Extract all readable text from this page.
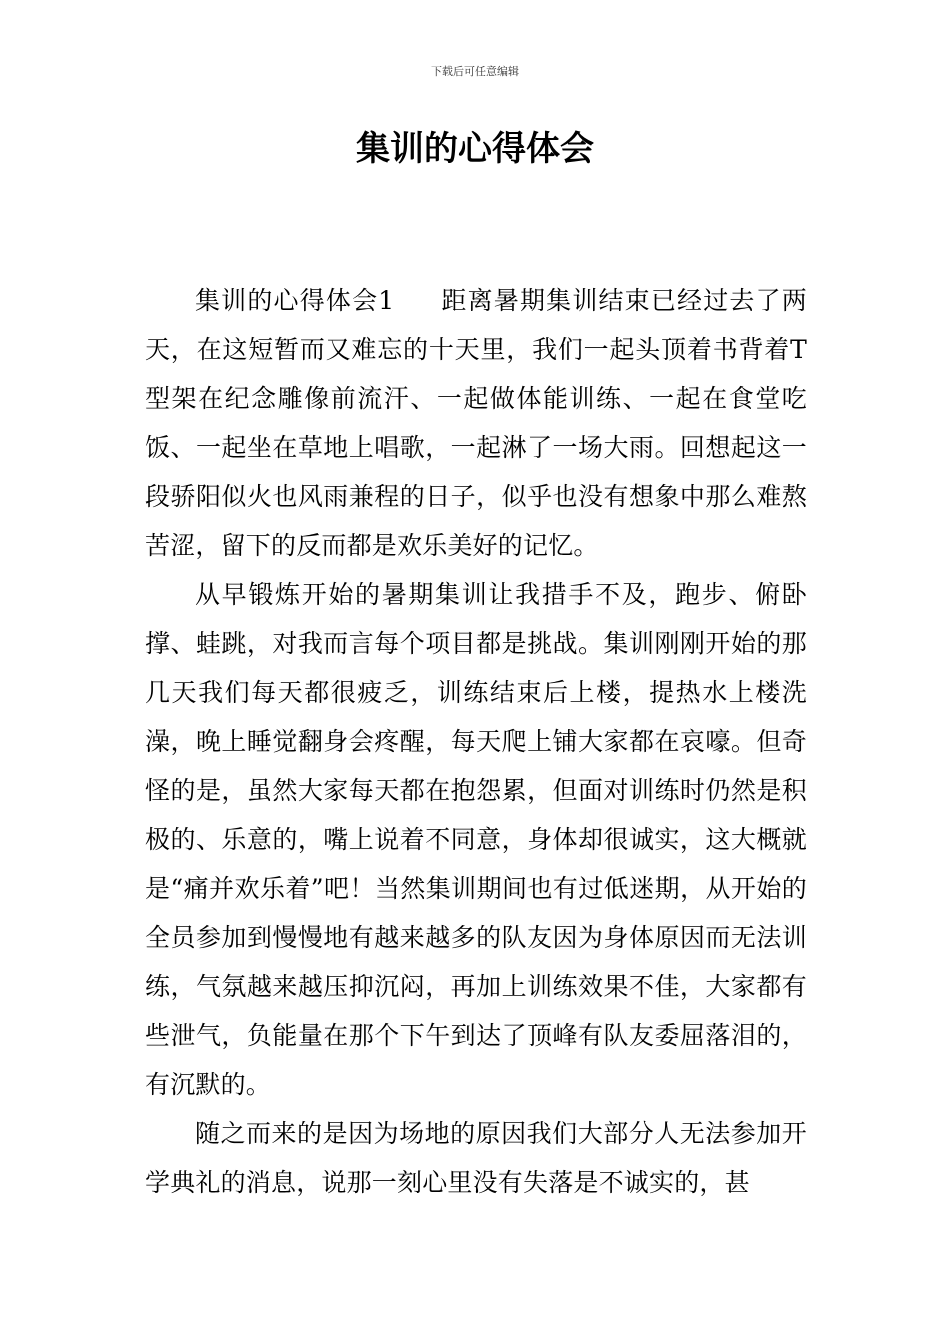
下载后可任意编辑
集训的心得体会

集训的心得体会1 距离暑期集训结束已经过去了两天，在这短暂而又难忘的十天里，我们一起头顶着书背着T型架在纪念雕像前流汗、一起做体能训练、一起在食堂吃饭、一起坐在草地上唱歌，一起淋了一场大雨。回想起这一段骄阳似火也风雨兼程的日子，似乎也没有想象中那么难熬苦涩，留下的反而都是欢乐美好的记忆。

从早锻炼开始的暑期集训让我措手不及，跑步、俯卧撑、蛙跳，对我而言每个项目都是挑战。集训刚刚开始的那几天我们每天都很疲乏，训练结束后上楼，提热水上楼洗澡，晚上睡觉翻身会疼醒，每天爬上铺大家都在哀嚎。但奇怪的是，虽然大家每天都在抱怨累，但面对训练时仍然是积极的、乐意的，嘴上说着不同意，身体却很诚实，这大概就是“痛并欢乐着”吧！当然集训期间也有过低迷期，从开始的全员参加到慢慢地有越来越多的队友因为身体原因而无法训练，气氛越来越压抑沉闷，再加上训练效果不佳，大家都有些泄气，负能量在那个下午到达了顶峰有队友委屈落泪的，有沉默的。

随之而来的是因为场地的原因我们大部分人无法参加开学典礼的消息，说那一刻心里没有失落是不诚实的，甚
